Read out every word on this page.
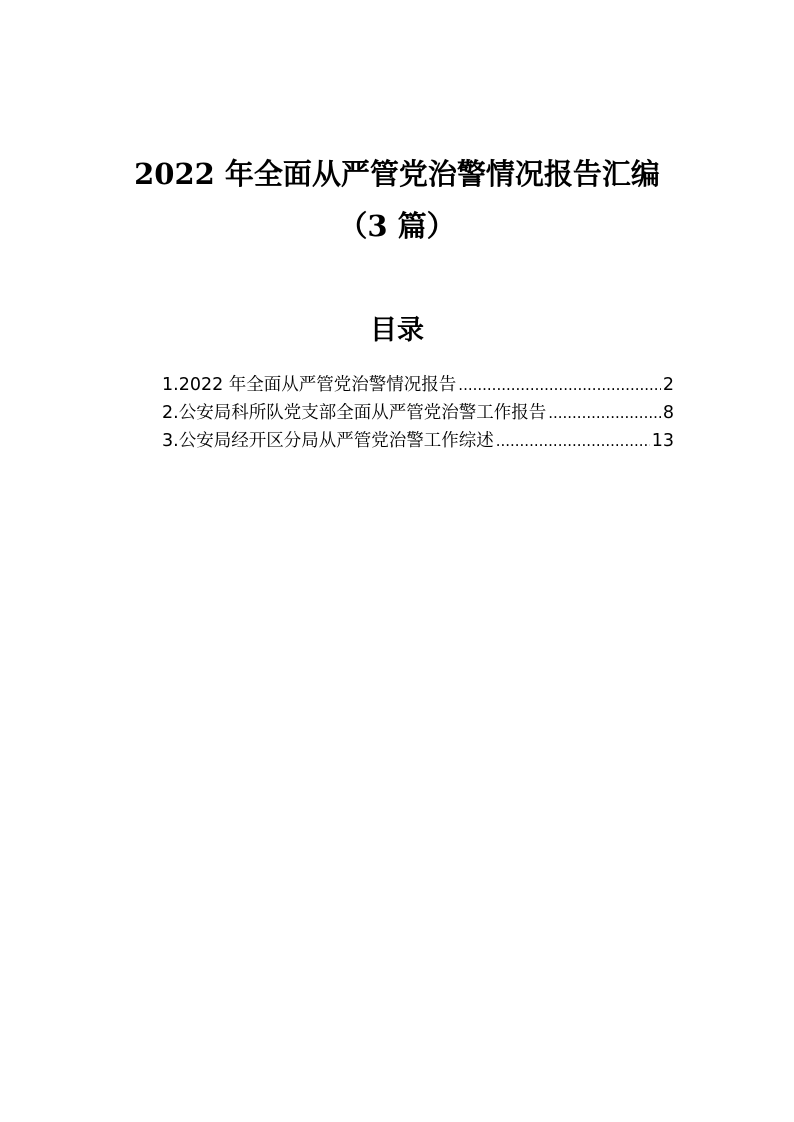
2022 年全面从严管党治警情况报告汇编（3 篇）
目录
1.2022 年全面从严管党治警情况报告 .....	2
2.公安局科所队党支部全面从严管党治警工作报告 .....	8
3.公安局经开区分局从严管党治警工作综述 .....	13
